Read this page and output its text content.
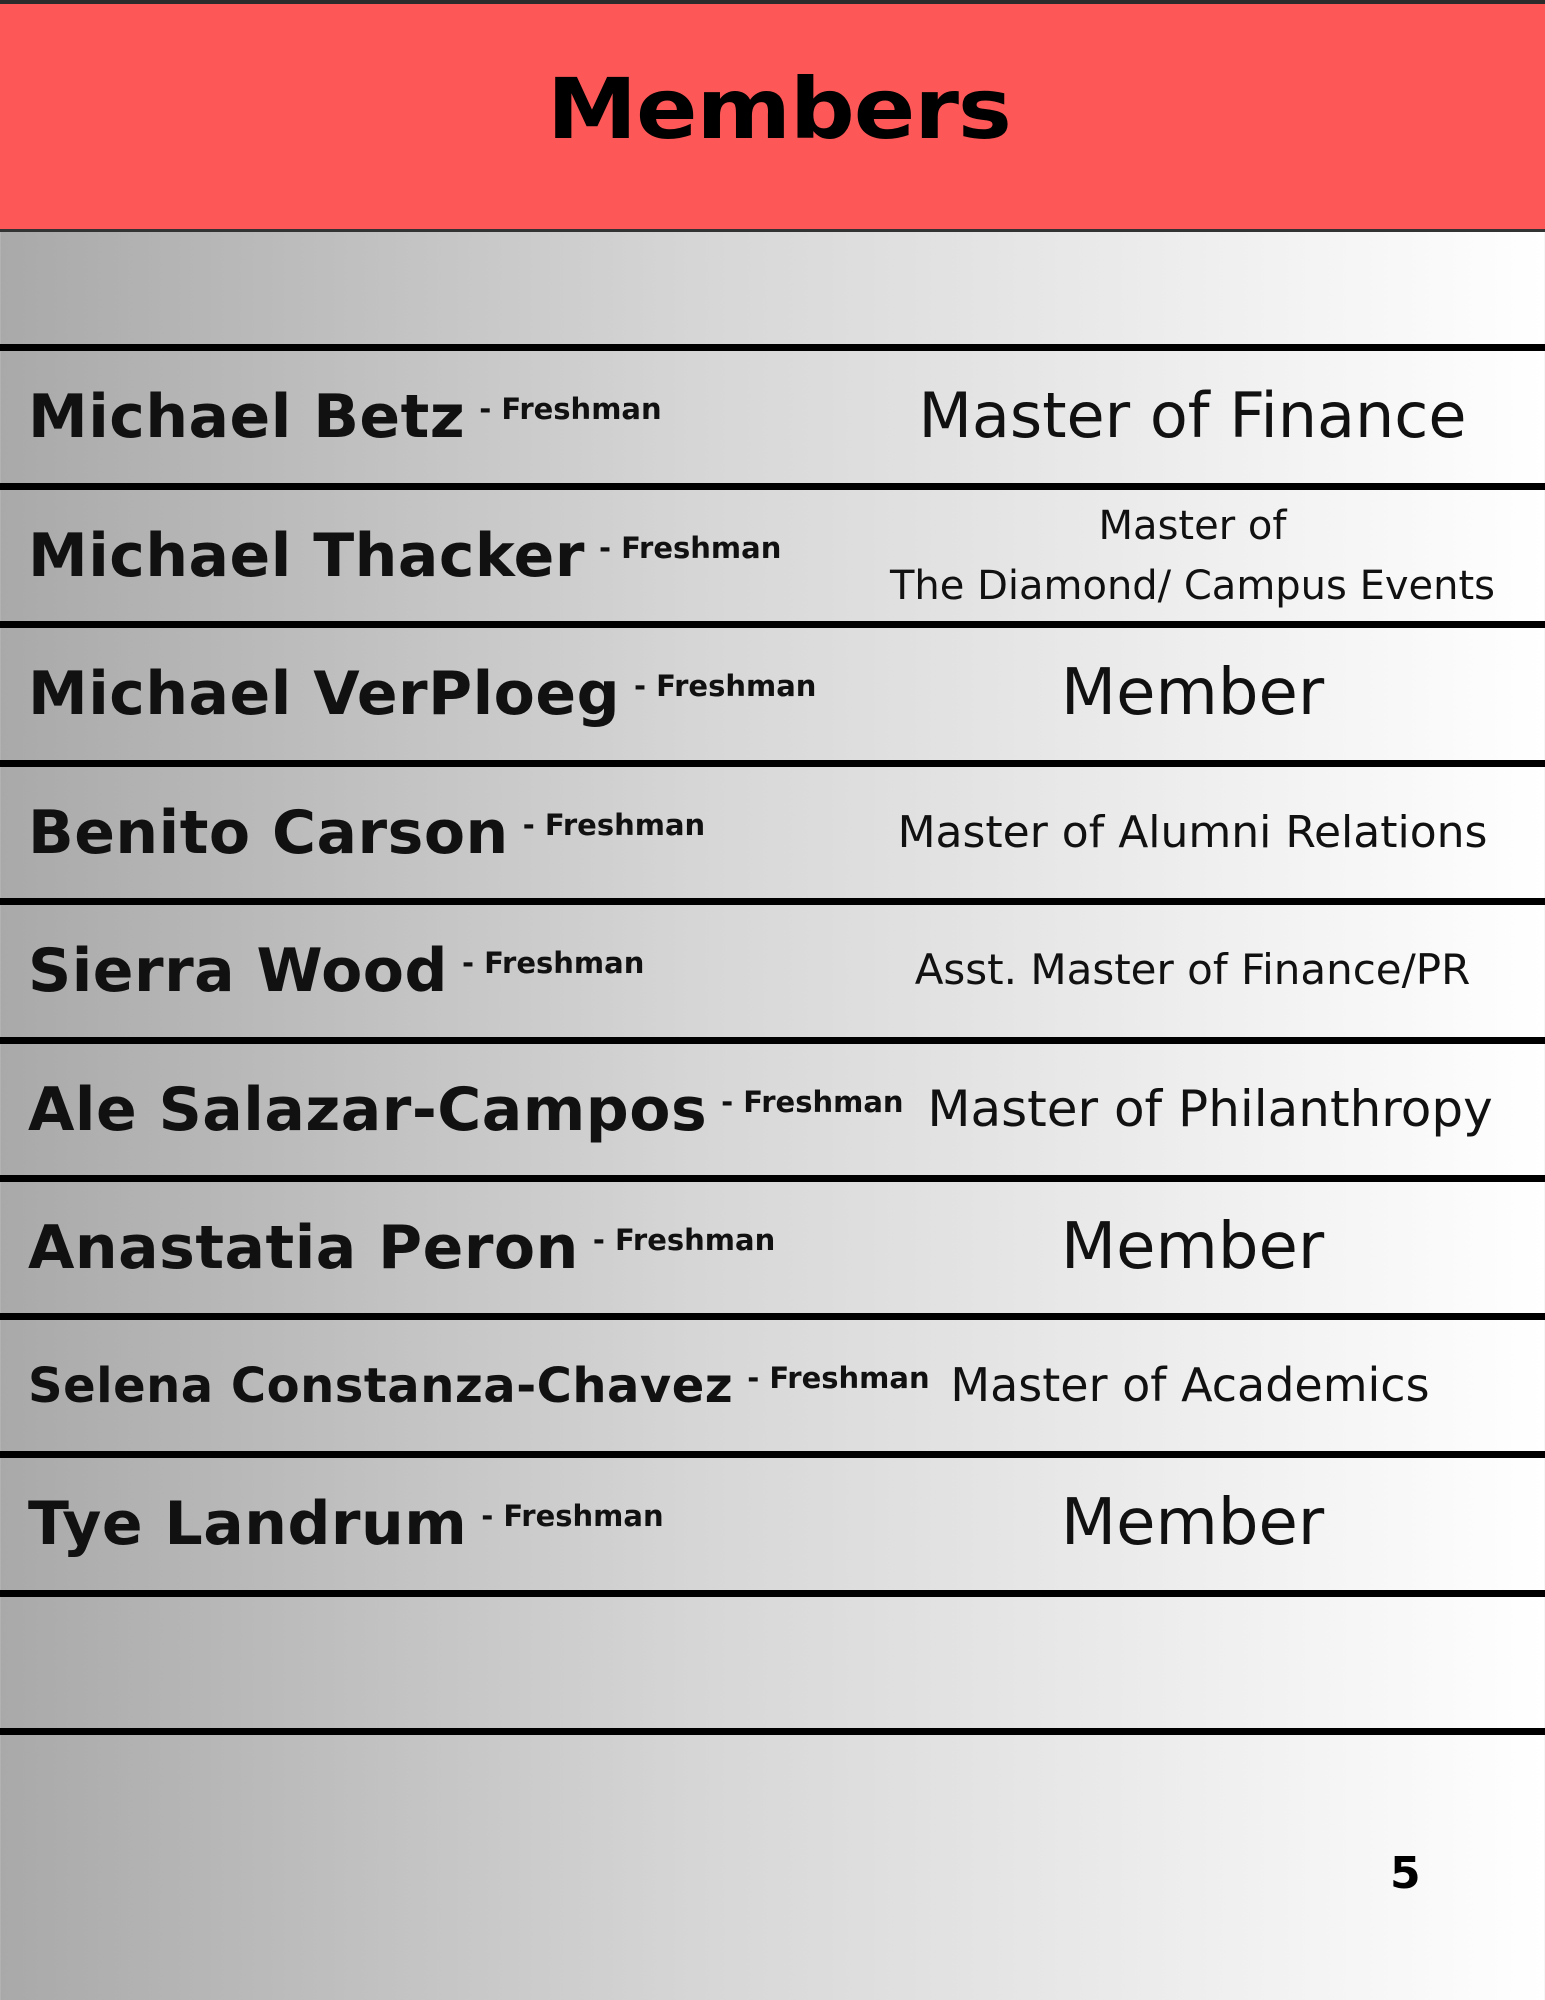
Members
Michael Betz - Freshman	Master of Finance
Michael Thacker - Freshman	Master of
The Diamond/ Campus Events
Michael VerPloeg - Freshman	Member
Benito Carson - Freshman	Master of Alumni Relations
Sierra Wood - Freshman	Asst. Master of Finance/PR
Ale Salazar-Campos - Freshman Master of Philanthropy
Anastatia Peron - Freshman	Member
Selena Constanza-Chavez - Freshman Master of Academics
Tye Landrum - Freshman	Member
5
